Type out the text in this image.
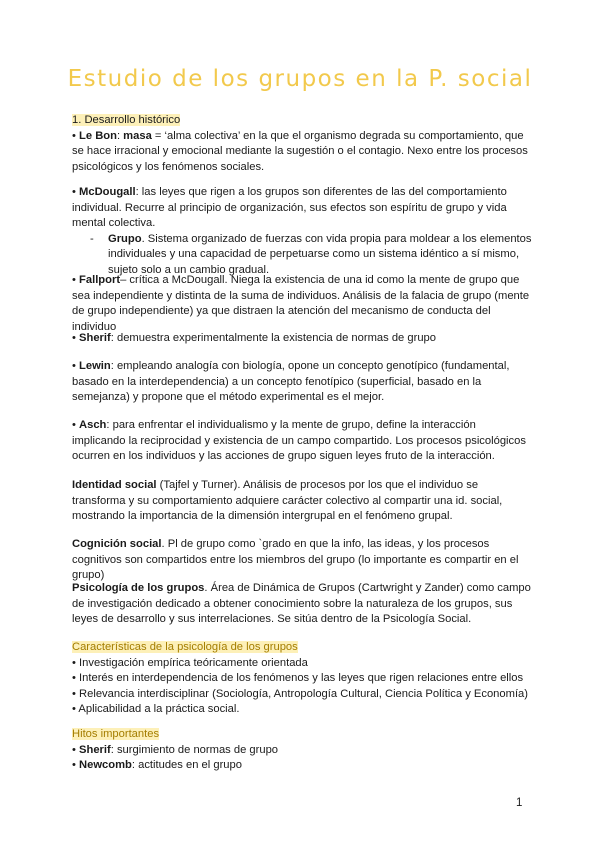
Estudio de los grupos en la P. social

1. Desarrollo histórico

• Le Bon: masa = ‘alma colectiva’ en la que el organismo degrada su comportamiento, que se hace irracional y emocional mediante la sugestión o el contagio. Nexo entre los procesos psicológicos y los fenómenos sociales.

• McDougall: las leyes que rigen a los grupos son diferentes de las del comportamiento individual. Recurre al principio de organización, sus efectos son espíritu de grupo y vida mental colectiva.

-	Grupo. Sistema organizado de fuerzas con vida propia para moldear a los elementos individuales y una capacidad de perpetuarse como un sistema idéntico a sí mismo, sujeto solo a un cambio gradual.

• Fallport– crítica a McDougall. Niega la existencia de una id como la mente de grupo que sea independiente y distinta de la suma de individuos. Análisis de la falacia de grupo (mente de grupo independiente) ya que distraen la atención del mecanismo de conducta del individuo

• Sherif: demuestra experimentalmente la existencia de normas de grupo

• Lewin: empleando analogía con biología, opone un concepto genotípico (fundamental, basado en la interdependencia) a un concepto fenotípico (superficial, basado en la semejanza) y propone que el método experimental es el mejor.

• Asch: para enfrentar el individualismo y la mente de grupo, define la interacción implicando la reciprocidad y existencia de un campo compartido. Los procesos psicológicos ocurren en los individuos y las acciones de grupo siguen leyes fruto de la interacción.

Identidad social (Tajfel y Turner). Análisis de procesos por los que el individuo se transforma y su comportamiento adquiere carácter colectivo al compartir una id. social, mostrando la importancia de la dimensión intergrupal en el fenómeno grupal.

Cognición social. Pl de grupo como `grado en que la info, las ideas, y los procesos cognitivos son compartidos entre los miembros del grupo (lo importante es compartir en el grupo)

Psicología de los grupos. Área de Dinámica de Grupos (Cartwright y Zander) como campo de investigación dedicado a obtener conocimiento sobre la naturaleza de los grupos, sus leyes de desarrollo y sus interrelaciones. Se sitúa dentro de la Psicología Social.

Características de la psicología de los grupos

• Investigación empírica teóricamente orientada
• Interés en interdependencia de los fenómenos y las leyes que rigen relaciones entre ellos
• Relevancia interdisciplinar (Sociología, Antropología Cultural, Ciencia Política y Economía)
• Aplicabilidad a la práctica social.

Hitos importantes

• Sherif: surgimiento de normas de grupo
• Newcomb: actitudes en el grupo
1
